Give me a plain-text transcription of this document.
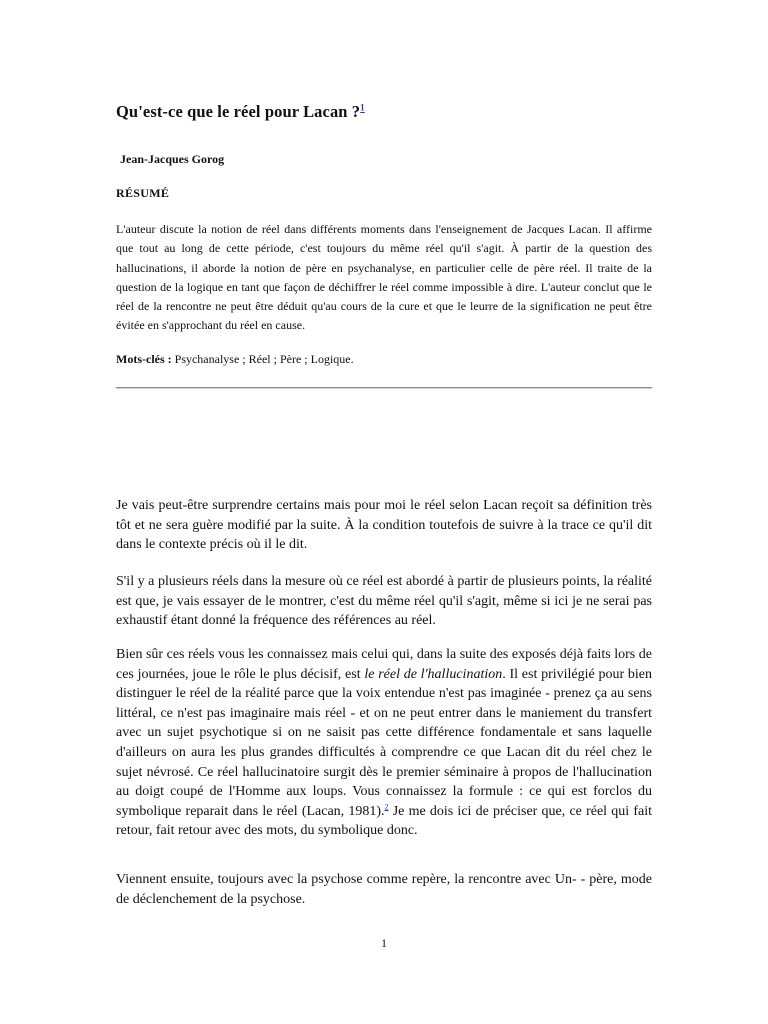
Qu'est-ce que le réel pour Lacan ?$^1$

Jean-Jacques Gorog

RÉSUMÉ

L'auteur discute la notion de réel dans différents moments dans l'enseignement de Jacques Lacan. Il affirme que tout au long de cette période, c'est toujours du même réel qu'il s'agit. À partir de la question des hallucinations, il aborde la notion de père en psychanalyse, en particulier celle de père réel. Il traite de la question de la logique en tant que façon de déchiffrer le réel comme impossible à dire. L'auteur conclut que le réel de la rencontre ne peut être déduit qu'au cours de la cure et que le leurre de la signification ne peut être évitée en s'approchant du réel en cause.

Mots-clés : Psychanalyse ; Réel ; Père ; Logique.

Je vais peut-être surprendre certains mais pour moi le réel selon Lacan reçoit sa définition très tôt et ne sera guère modifié par la suite. À la condition toutefois de suivre à la trace ce qu'il dit dans le contexte précis où il le dit.

S'il y a plusieurs réels dans la mesure où ce réel est abordé à partir de plusieurs points, la réalité est que, je vais essayer de le montrer, c'est du même réel qu'il s'agit, même si ici je ne serai pas exhaustif étant donné la fréquence des références au réel.

Bien sûr ces réels vous les connaissez mais celui qui, dans la suite des exposés déjà faits lors de ces journées, joue le rôle le plus décisif, est le réel de l'hallucination. Il est privilégié pour bien distinguer le réel de la réalité parce que la voix entendue n'est pas imaginée - prenez ça au sens littéral, ce n'est pas imaginaire mais réel - et on ne peut entrer dans le maniement du transfert avec un sujet psychotique si on ne saisit pas cette différence fondamentale et sans laquelle d'ailleurs on aura les plus grandes difficultés à comprendre ce que Lacan dit du réel chez le sujet névrosé. Ce réel hallucinatoire surgit dès le premier séminaire à propos de l'hallucination au doigt coupé de l'Homme aux loups. Vous connaissez la formule : ce qui est forclos du symbolique reparait dans le réel (Lacan, 1981).$^2$ Je me dois ici de préciser que, ce réel qui fait retour, fait retour avec des mots, du symbolique donc.

Viennent ensuite, toujours avec la psychose comme repère, la rencontre avec Un- - père, mode de déclenchement de la psychose.

1
